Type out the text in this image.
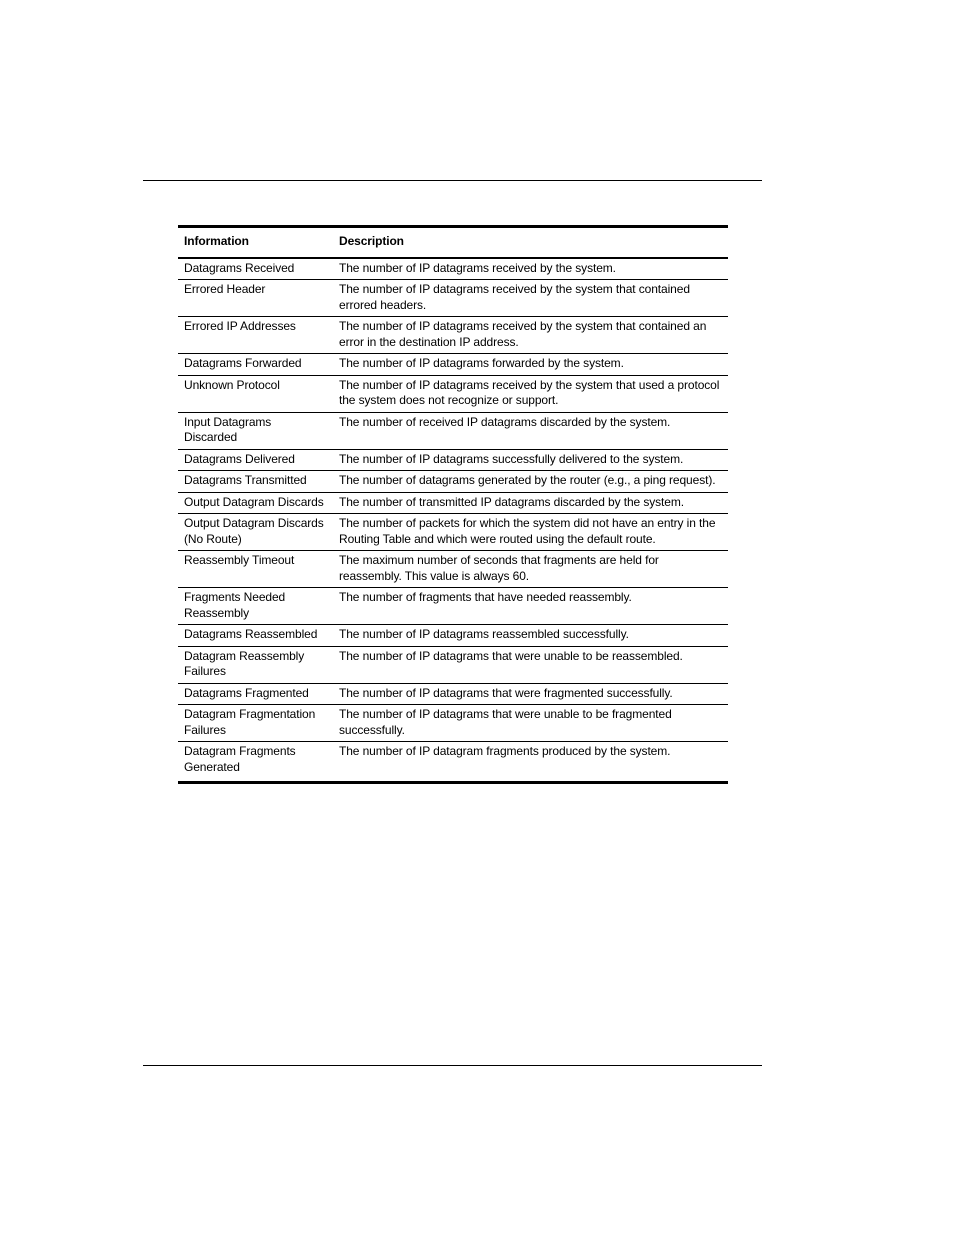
Information	Description
Datagrams Received	The number of IP datagrams received by the system.
Errored Header	The number of IP datagrams received by the system that contained errored headers.
Errored IP Addresses	The number of IP datagrams received by the system that contained an error in the destination IP address.
Datagrams Forwarded	The number of IP datagrams forwarded by the system.
Unknown Protocol	The number of IP datagrams received by the system that used a protocol the system does not recognize or support.
Input Datagrams Discarded	The number of received IP datagrams discarded by the system.
Datagrams Delivered	The number of IP datagrams successfully delivered to the system.
Datagrams Transmitted	The number of datagrams generated by the router (e.g., a ping request).
Output Datagram Discards	The number of transmitted IP datagrams discarded by the system.
Output Datagram Discards (No Route)	The number of packets for which the system did not have an entry in the Routing Table and which were routed using the default route.
Reassembly Timeout	The maximum number of seconds that fragments are held for reassembly. This value is always 60.
Fragments Needed Reassembly	The number of fragments that have needed reassembly.
Datagrams Reassembled	The number of IP datagrams reassembled successfully.
Datagram Reassembly Failures	The number of IP datagrams that were unable to be reassembled.
Datagrams Fragmented	The number of IP datagrams that were fragmented successfully.
Datagram Fragmentation Failures	The number of IP datagrams that were unable to be fragmented successfully.
Datagram Fragments Generated	The number of IP datagram fragments produced by the system.
